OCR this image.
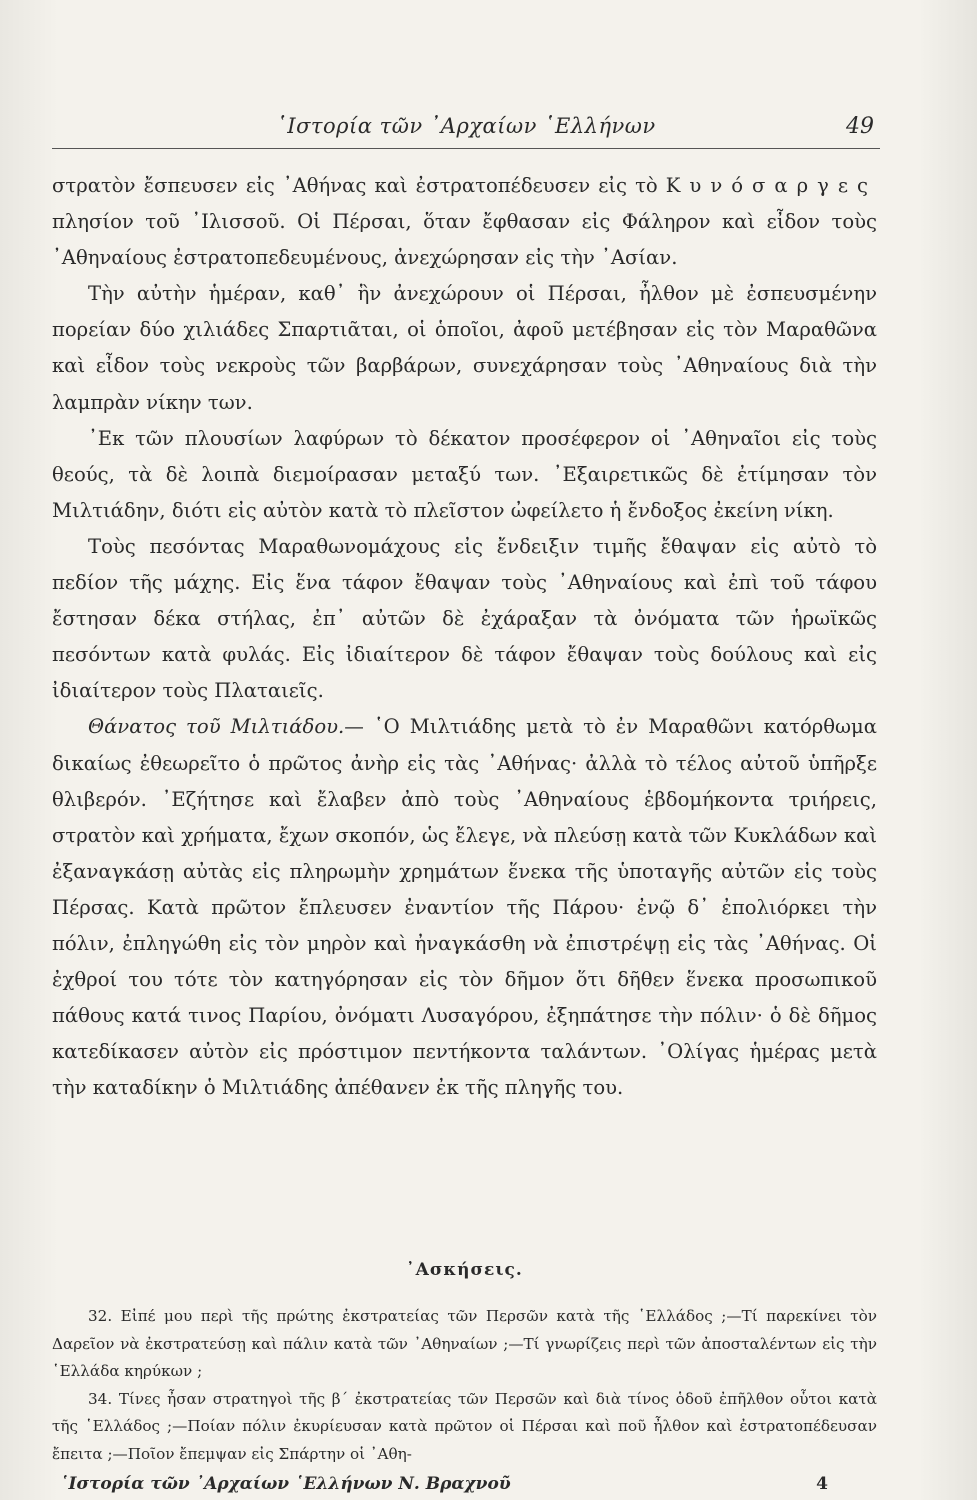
῾Ιστορία τῶν ᾿Αρχαίων ῾Ελλήνων	49

στρατὸν ἔσπευσεν εἰς ᾿Αθήνας καὶ ἐστρατοπέδευσεν εἰς τὸ Κυνόσαργες πλησίον τοῦ ᾿Ιλισσοῦ. Οἱ Πέρσαι, ὅταν ἔφθασαν εἰς Φάληρον καὶ εἶδον τοὺς ᾿Αθηναίους ἐστρατοπεδευμένους, ἀνεχώρησαν εἰς τὴν ᾿Ασίαν.

Τὴν αὐτὴν ἡμέραν, καθ᾿ ἣν ἀνεχώρουν οἱ Πέρσαι, ἦλθον μὲ ἐσπευσμένην πορείαν δύο χιλιάδες Σπαρτιᾶται, οἱ ὁποῖοι, ἀφοῦ μετέβησαν εἰς τὸν Μαραθῶνα καὶ εἶδον τοὺς νεκροὺς τῶν βαρβάρων, συνεχάρησαν τοὺς ᾿Αθηναίους διὰ τὴν λαμπρὰν νίκην των.

᾿Εκ τῶν πλουσίων λαφύρων τὸ δέκατον προσέφερον οἱ ᾿Αθηναῖοι εἰς τοὺς θεούς, τὰ δὲ λοιπὰ διεμοίρασαν μεταξύ των. ᾿Εξαιρετικῶς δὲ ἐτίμησαν τὸν Μιλτιάδην, διότι εἰς αὐτὸν κατὰ τὸ πλεῖστον ὠφείλετο ἡ ἔνδοξος ἐκείνη νίκη.

Τοὺς πεσόντας Μαραθωνομάχους εἰς ἔνδειξιν τιμῆς ἔθαψαν εἰς αὐτὸ τὸ πεδίον τῆς μάχης. Εἰς ἕνα τάφον ἔθαψαν τοὺς ᾿Αθηναίους καὶ ἐπὶ τοῦ τάφου ἔστησαν δέκα στήλας, ἐπ᾿ αὐτῶν δὲ ἐχάραξαν τὰ ὀνόματα τῶν ἡρωϊκῶς πεσόντων κατὰ φυλάς. Εἰς ἰδιαίτερον δὲ τάφον ἔθαψαν τοὺς δούλους καὶ εἰς ἰδιαίτερον τοὺς Πλαταιεῖς.

Θάνατος τοῦ Μιλτιάδου.— ῾Ο Μιλτιάδης μετὰ τὸ ἐν Μαραθῶνι κατόρθωμα δικαίως ἐθεωρεῖτο ὁ πρῶτος ἀνὴρ εἰς τὰς ᾿Αθήνας· ἀλλὰ τὸ τέλος αὐτοῦ ὑπῆρξε θλιβερόν. ᾿Εζήτησε καὶ ἔλαβεν ἀπὸ τοὺς ᾿Αθηναίους ἑβδομήκοντα τριήρεις, στρατὸν καὶ χρήματα, ἔχων σκοπόν, ὡς ἔλεγε, νὰ πλεύσῃ κατὰ τῶν Κυκλάδων καὶ ἐξαναγκάσῃ αὐτὰς εἰς πληρωμὴν χρημάτων ἕνεκα τῆς ὑποταγῆς αὐτῶν εἰς τοὺς Πέρσας. Κατὰ πρῶτον ἔπλευσεν ἐναντίον τῆς Πάρου· ἐνῷ δ᾿ ἐπολιόρκει τὴν πόλιν, ἐπληγώθη εἰς τὸν μηρὸν καὶ ἠναγκάσθη νὰ ἐπιστρέψῃ εἰς τὰς ᾿Αθήνας. Οἱ ἐχθροί του τότε τὸν κατηγόρησαν εἰς τὸν δῆμον ὅτι δῆθεν ἕνεκα προσωπικοῦ πάθους κατά τινος Παρίου, ὀνόματι Λυσαγόρου, ἐξηπάτησε τὴν πόλιν· ὁ δὲ δῆμος κατεδίκασεν αὐτὸν εἰς πρόστιμον πεντήκοντα ταλάντων. ᾿Ολίγας ἡμέρας μετὰ τὴν καταδίκην ὁ Μιλτιάδης ἀπέθανεν ἐκ τῆς πληγῆς του.

᾿Ασκήσεις.

32. Εἰπέ μου περὶ τῆς πρώτης ἐκστρατείας τῶν Περσῶν κατὰ τῆς ῾Ελλάδος ;—Τί παρεκίνει τὸν Δαρεῖον νὰ ἐκστρατεύσῃ καὶ πάλιν κατὰ τῶν ᾿Αθηναίων ;—Τί γνωρίζεις περὶ τῶν ἀποσταλέντων εἰς τὴν ῾Ελλάδα κηρύκων ;

34. Τίνες ἦσαν στρατηγοὶ τῆς β΄ ἐκστρατείας τῶν Περσῶν καὶ διὰ τίνος ὁδοῦ ἐπῆλθον οὗτοι κατὰ τῆς ῾Ελλάδος ;—Ποίαν πόλιν ἐκυρίευσαν κατὰ πρῶτον οἱ Πέρσαι καὶ ποῦ ἦλθον καὶ ἐστρατοπέδευσαν ἔπειτα ;—Ποῖον ἔπεμψαν εἰς Σπάρτην οἱ ᾿Αθη-

῾Ιστορία τῶν ᾿Αρχαίων ῾Ελλήνων Ν. Βραχνοῦ	4
